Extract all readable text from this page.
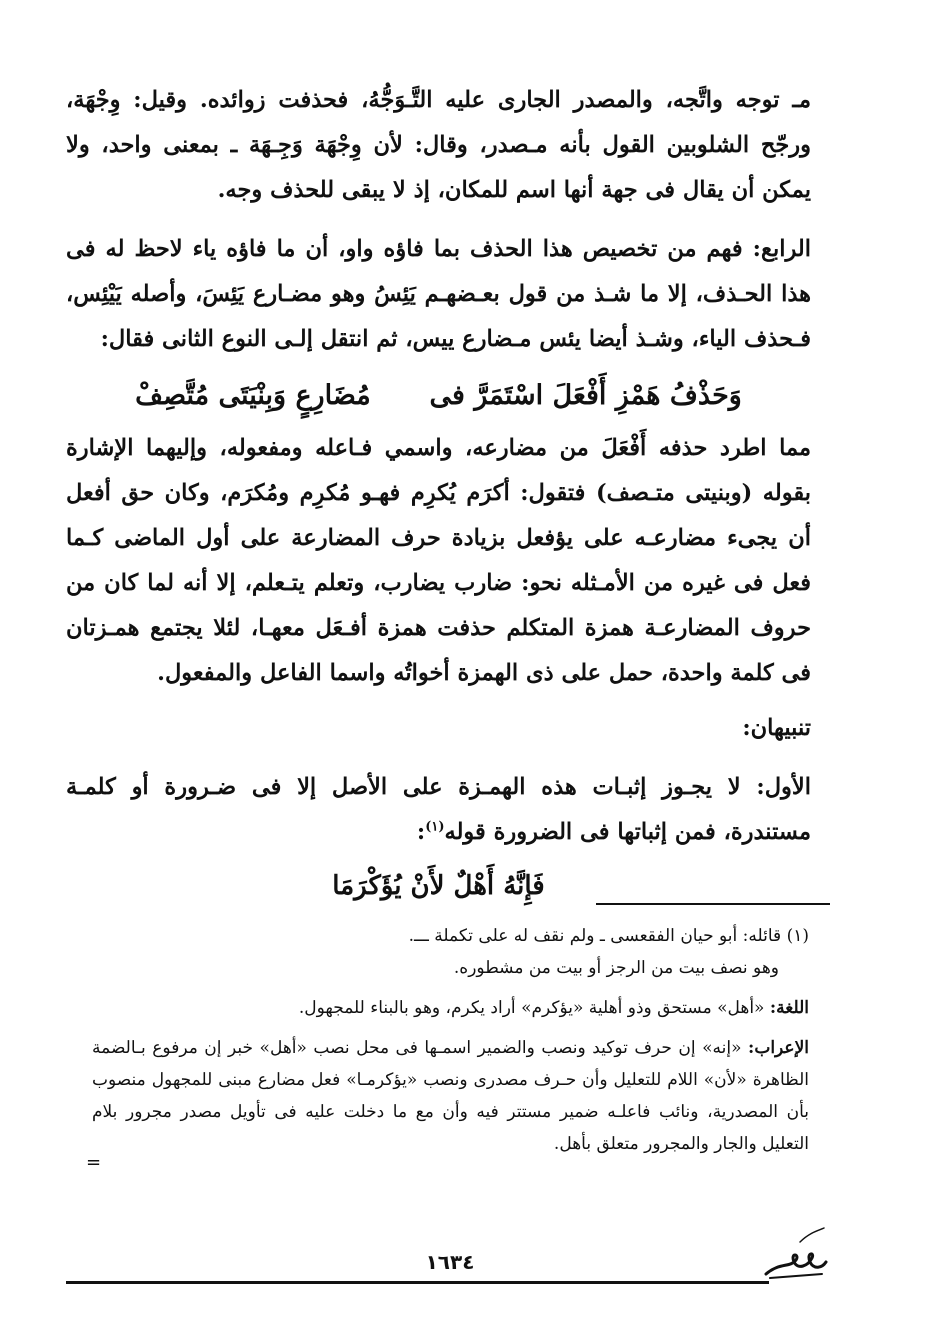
مـ توجه واتَّجه، والمصدر الجارى عليه التَّـوَجُّهُ، فحذفت زوائده. وقيل: وِجْهَة، ورجّح الشلوبين القول بأنه مـصدر، وقال: لأن وِجْهَة وَجِـهَة ـ بمعنى واحد، ولا يمكن أن يقال فى جهة أنها اسم للمكان، إذ لا يبقى للحذف وجه.

الرابع: فهم من تخصيص هذا الحذف بما فاؤه واو، أن ما فاؤه ياء لاحظ له فى هذا الحـذف، إلا ما شـذ من قول بعـضهـم يَئِسُ وهو مضـارع يَئِسَ، وأصله يَيْئِس، فـحذف الياء، وشـذ أيضا يئس مـضارع ييس، ثم انتقل إلـى النوع الثانى فقال:

وَحَذْفُ هَمْزِ أَفْعَلَ اسْتَمَرَّ فى  مُضَارِعٍ وَبِنْيَتَى مُتَّصِفْ

مما اطرد حذفه أَفْعَلَ من مضارعه، واسمي فـاعله ومفعوله، وإليهما الإشارة بقوله (وبنيتى متـصف) فتقول: أكرَم يُكرِم فهـو مُكرِم ومُكرَم، وكان حق أفعل أن يجىء مضارعـه على يؤفعل بزيادة حرف المضارعة على أول الماضى كـما فعل فى غيره من الأمـثله نحو: ضارب يضارب، وتعلم يتـعلم، إلا أنه لما كان من حروف المضارعـة همزة المتكلم حذفت همزة أفـعَل معهـا، لئلا يجتمع همـزتان فى كلمة واحدة، حمل على ذى الهمزة أخواتُه واسما الفاعل والمفعول.

تنبيهان:

الأول: لا يجـوز إثبـات هذه الهمـزة على الأصل إلا فى ضـرورة أو كلمـة مستندرة، فمن إثباتها فى الضرورة قوله$^{(١)}$:

فَإِنَّهُ أَهْلٌ لأَنْ يُؤَكْرَمَا

(١) قائله: أبو حيان الفقعسى ـ ولم نقف له على تكملة ـــ.

وهو نصف بيت من الرجز أو بيت من مشطوره.

اللغة: «أهل» مستحق وذو أهلية «يؤكرم» أراد يكرم، وهو بالبناء للمجهول.

الإعراب: «إنه» إن حرف توكيد ونصب والضمير اسمـها فى محل نصب «أهل» خبر إن مرفوع بـالضمة الظاهرة «لأن» اللام للتعليل وأن حـرف مصدرى ونصب «يؤكرمـا» فعل مضارع مبنى للمجهول منصوب بأن المصدرية، ونائب فاعلـه ضمير مستتر فيه وأن مع ما دخلت عليه فى تأويل مصدر مجرور بلام التعليل والجار والمجرور متعلق بأهل.

=
١٦٣٤
